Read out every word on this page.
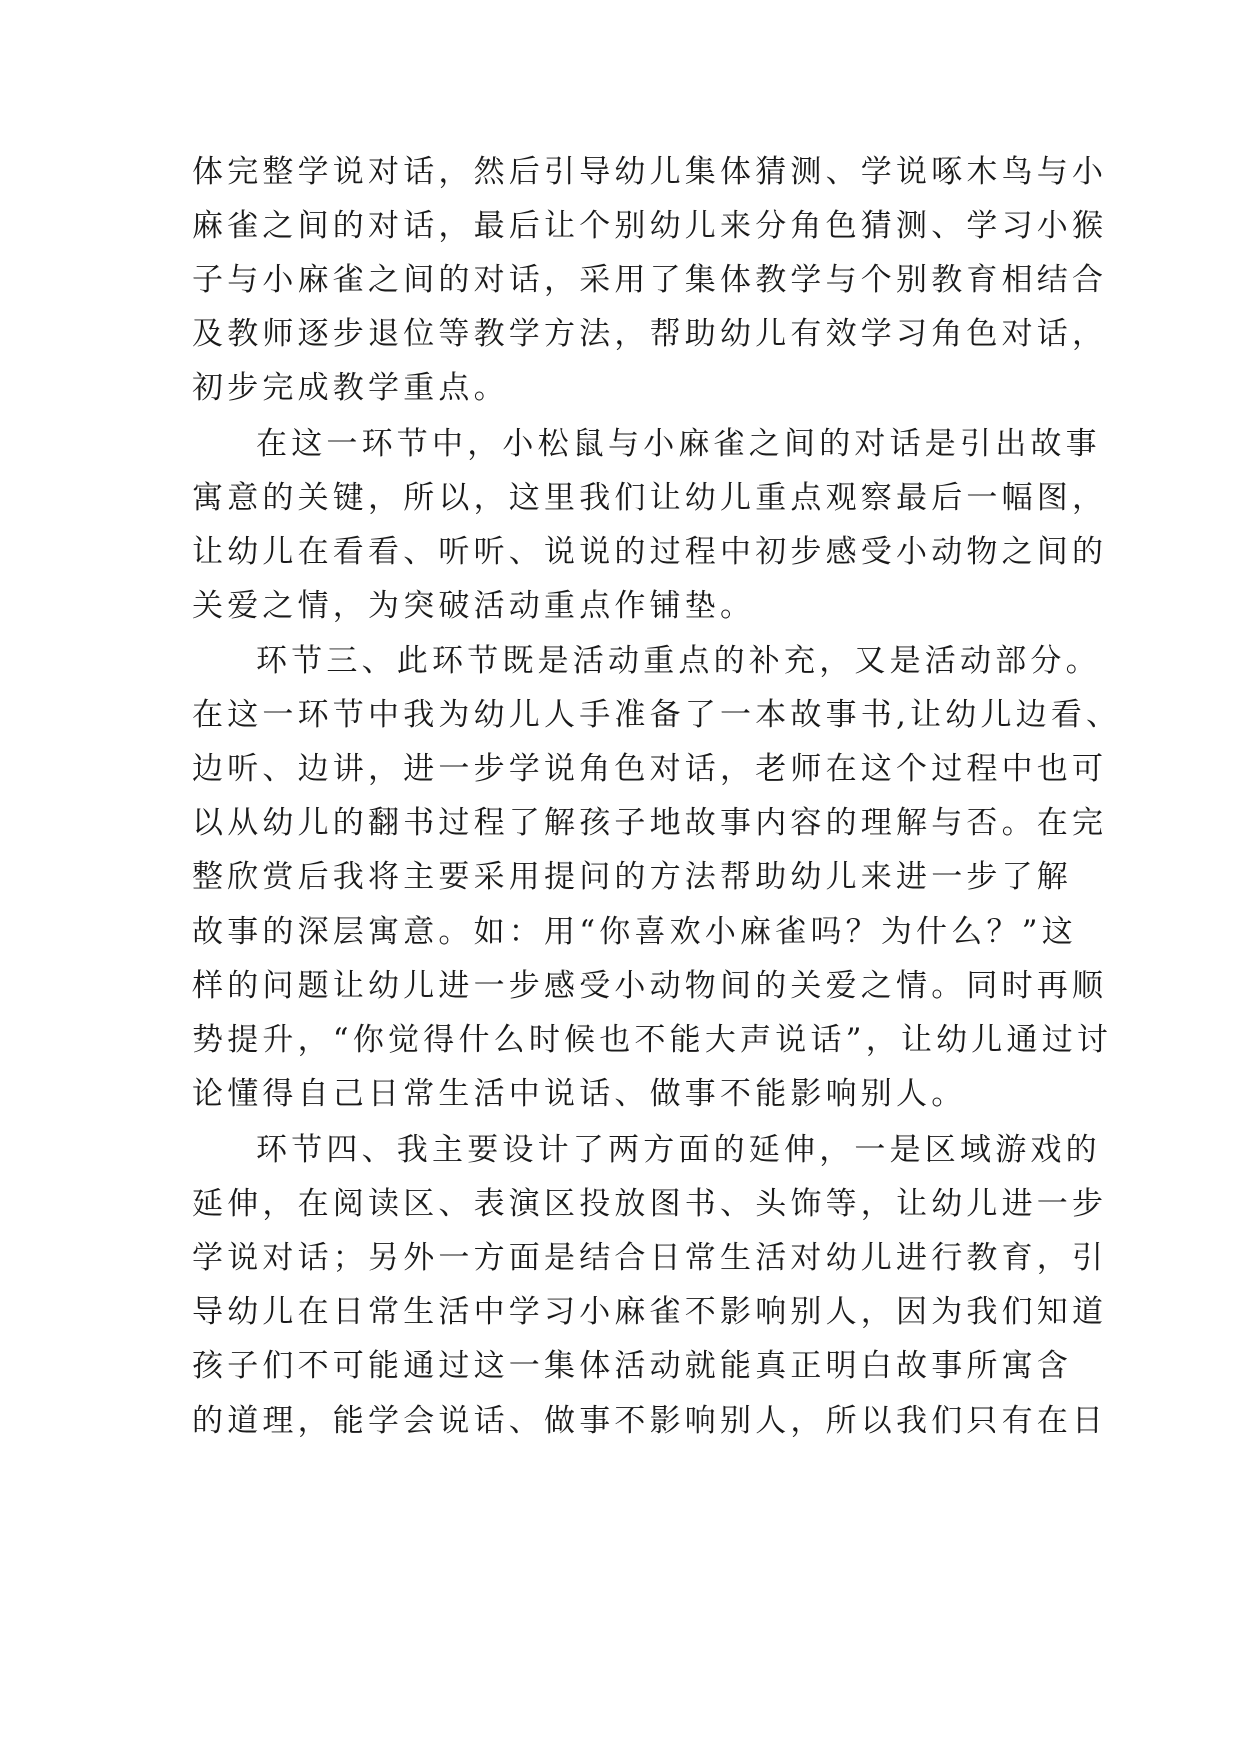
体完整学说对话，然后引导幼儿集体猜测、学说啄木鸟与小
麻雀之间的对话，最后让个别幼儿来分角色猜测、学习小猴
子与小麻雀之间的对话，采用了集体教学与个别教育相结合
及教师逐步退位等教学方法，帮助幼儿有效学习角色对话，
初步完成教学重点。
在这一环节中，小松鼠与小麻雀之间的对话是引出故事
寓意的关键，所以，这里我们让幼儿重点观察最后一幅图，
让幼儿在看看、听听、说说的过程中初步感受小动物之间的
关爱之情，为突破活动重点作铺垫。
环节三、此环节既是活动重点的补充，又是活动部分。
在这一环节中我为幼儿人手准备了一本故事书,让幼儿边看、
边听、边讲，进一步学说角色对话，老师在这个过程中也可
以从幼儿的翻书过程了解孩子地故事内容的理解与否。在完
整欣赏后我将主要采用提问的方法帮助幼儿来进一步了解
故事的深层寓意。如：用“你喜欢小麻雀吗？为什么？”这
样的问题让幼儿进一步感受小动物间的关爱之情。同时再顺
势提升，“你觉得什么时候也不能大声说话”，让幼儿通过讨
论懂得自己日常生活中说话、做事不能影响别人。
环节四、我主要设计了两方面的延伸，一是区域游戏的
延伸，在阅读区、表演区投放图书、头饰等，让幼儿进一步
学说对话；另外一方面是结合日常生活对幼儿进行教育，引
导幼儿在日常生活中学习小麻雀不影响别人，因为我们知道
孩子们不可能通过这一集体活动就能真正明白故事所寓含
的道理，能学会说话、做事不影响别人，所以我们只有在日
